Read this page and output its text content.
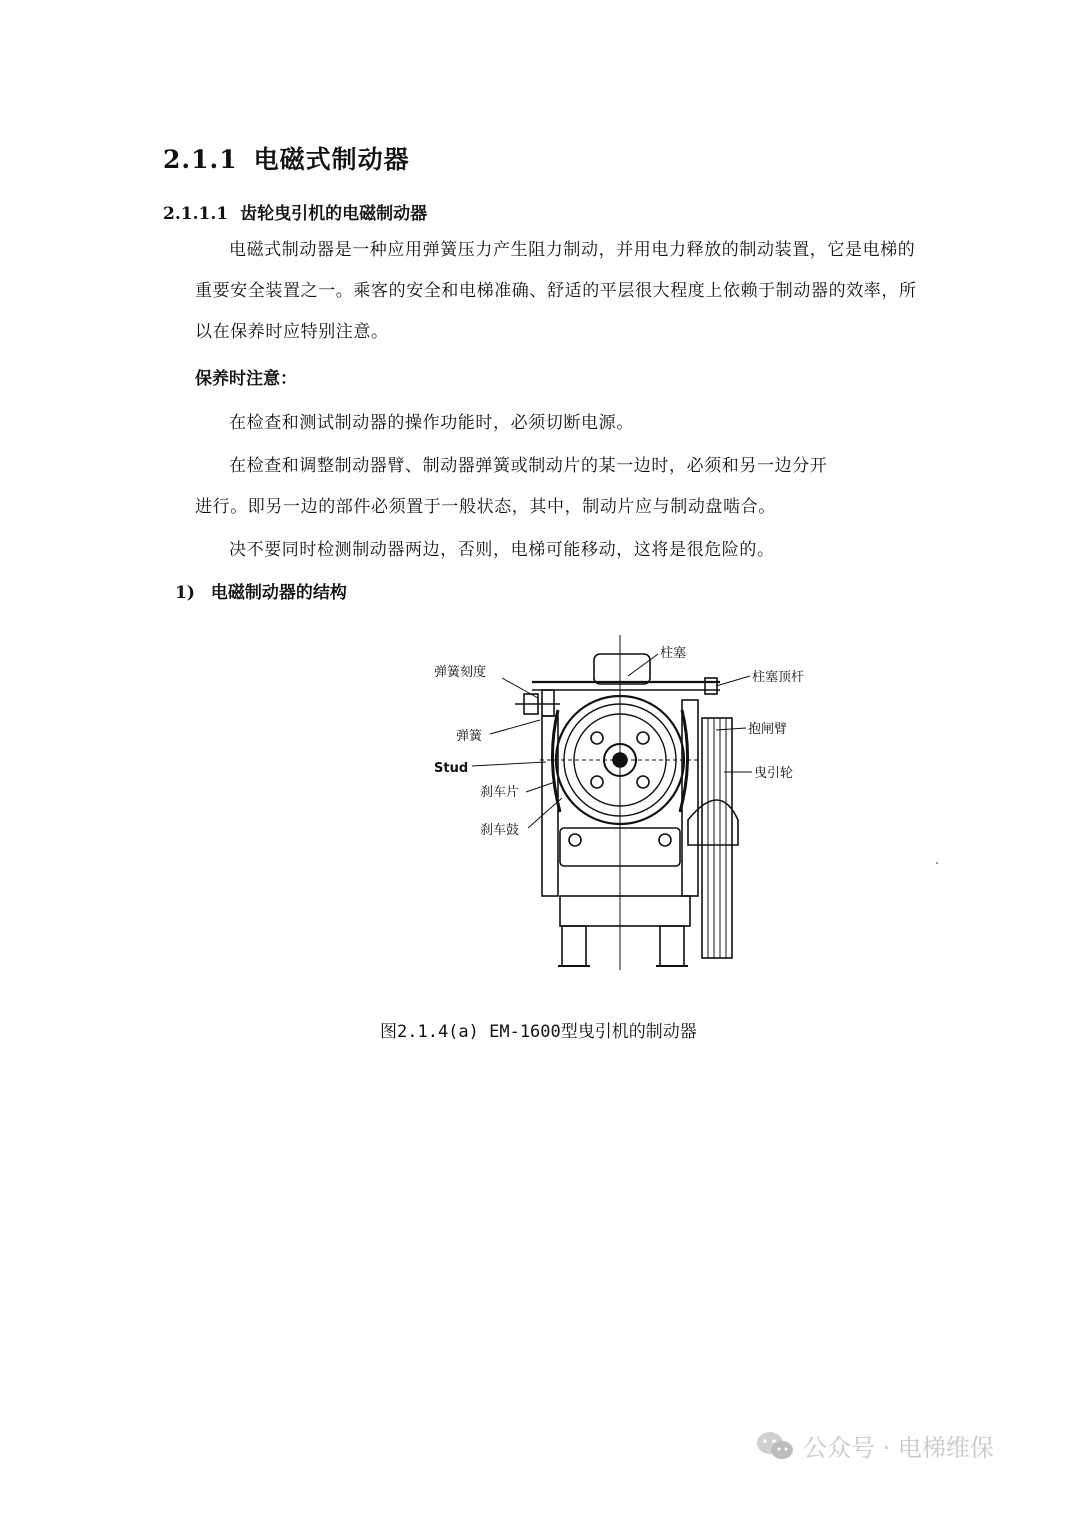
2.1.1 电磁式制动器
2.1.1.1 齿轮曳引机的电磁制动器
电磁式制动器是一种应用弹簧压力产生阻力制动，并用电力释放的制动装置，它是电梯的重要安全装置之一。乘客的安全和电梯准确、舒适的平层很大程度上依赖于制动器的效率，所以在保养时应特别注意。
保养时注意：
在检查和测试制动器的操作功能时，必须切断电源。
在检查和调整制动器臂、制动器弹簧或制动片的某一边时，必须和另一边分开
进行。即另一边的部件必须置于一般状态，其中，制动片应与制动盘啮合。
决不要同时检测制动器两边，否则，电梯可能移动，这将是很危险的。
1) 电磁制动器的结构
柱塞
弹簧刻度	柱塞顶杆
抱闸臂
弹簧
Stud	曳引轮
刹车片
刹车鼓
图2.1.4(a) EM-1600型曳引机的制动器
公众号 · 电梯维保
